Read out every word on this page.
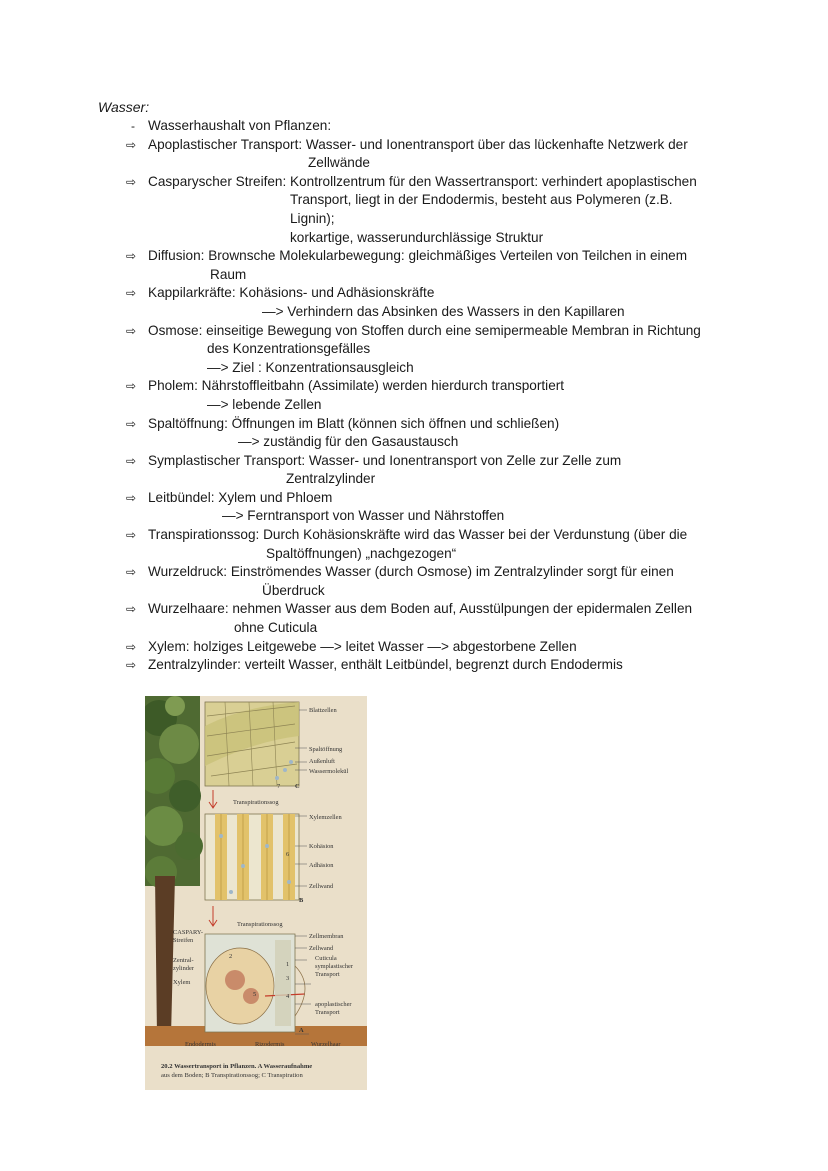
Wasser:
- Wasserhaushalt von Pflanzen:
⇨ Apoplastischer Transport: Wasser- und Ionentransport über das lückenhafte Netzwerk der
Zellwände
⇨ Casparyscher Streifen: Kontrollzentrum für den Wassertransport: verhindert apoplastischen
Transport, liegt in der Endodermis, besteht aus Polymeren (z.B.
Lignin);
korkartige, wasserundurchlässige Struktur
⇨ Diffusion: Brownsche Molekularbewegung: gleichmäßiges Verteilen von Teilchen in einem
Raum
⇨ Kappilarkräfte: Kohäsions- und Adhäsionskräfte
—> Verhindern das Absinken des Wassers in den Kapillaren
⇨ Osmose: einseitige Bewegung von Stoffen durch eine semipermeable Membran in Richtung
des Konzentrationsgefälles
—> Ziel : Konzentrationsausgleich
⇨ Pholem: Nährstoffleitbahn (Assimilate) werden hierdurch transportiert
—> lebende Zellen
⇨ Spaltöffnung: Öffnungen im Blatt (können sich öffnen und schließen)
—> zuständig für den Gasaustausch
⇨ Symplastischer Transport: Wasser- und Ionentransport von Zelle zur Zelle zum
Zentralzylinder
⇨ Leitbündel: Xylem und Phloem
—> Ferntransport von Wasser und Nährstoffen
⇨ Transpirationssog: Durch Kohäsionskräfte wird das Wasser bei der Verdunstung (über die
Spaltöffnungen) „nachgezogen“
⇨ Wurzeldruck: Einströmendes Wasser (durch Osmose) im Zentralzylinder sorgt für einen
Überdruck
⇨ Wurzelhaare: nehmen Wasser aus dem Boden auf, Ausstülpungen der epidermalen Zellen
ohne Cuticula
⇨ Xylem: holziges Leitgewebe —> leitet Wasser —> abgestorbene Zellen
⇨ Zentralzylinder: verteilt Wasser, enthält Leitbündel, begrenzt durch Endodermis
Blattzellen
Spaltöffnung
Außenluft
Wassermolekül
Transpirationssog
Xylemzellen
Kohäsion
Adhäsion
Zellwand
Transpirationssog
CASPARY-
Streifen
Zellmembran
Zellwand
Zentral-
zylinder
Xylem
Cuticula
symplastischer
Transport
apoplastischer
Transport
Endodermis	Rizodermis	Wurzelhaar
A
B
C
1
2
3
4
5
6
7
20.2 Wassertransport in Pflanzen. A Wasseraufnahme
aus dem Boden; B Transpirationssog; C Transpiration
